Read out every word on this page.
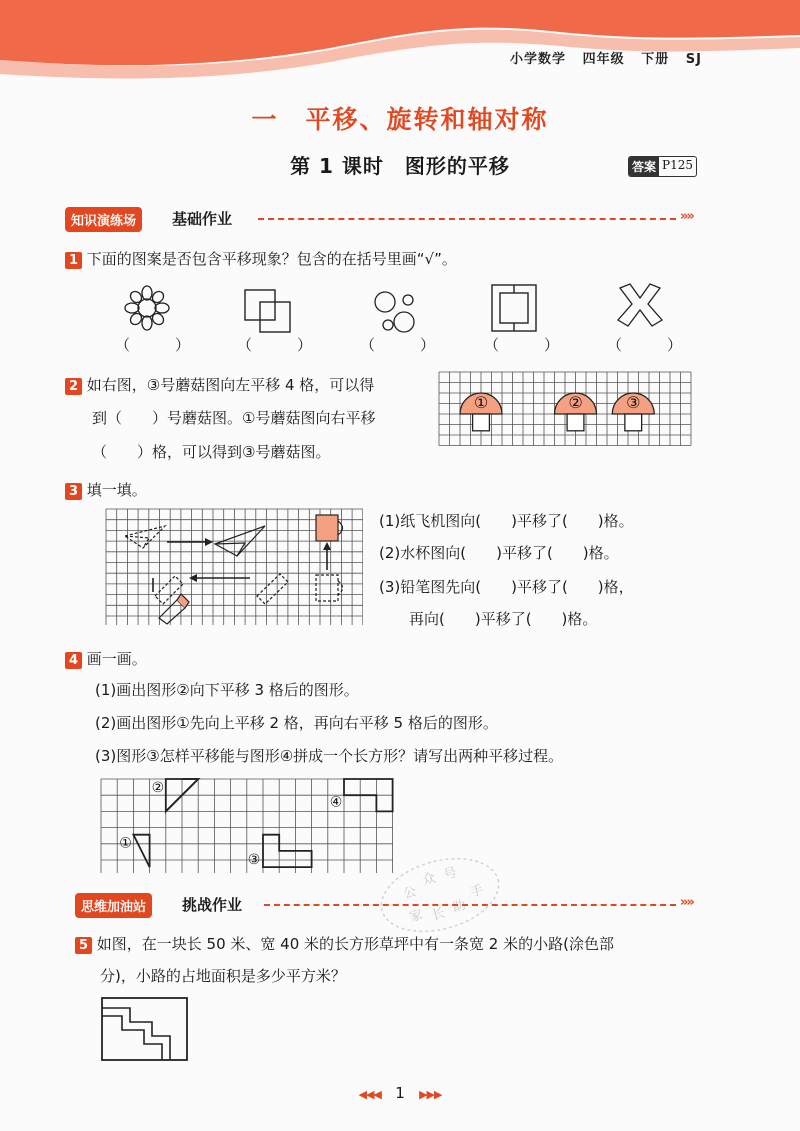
小学数学 四年级 下册 SJ
一　平移、旋转和轴对称
第 1 课时　图形的平移	答案 P125
知识演练场	基础作业	»»
1 下面的图案是否包含平移现象？包含的在括号里画“√”。
（　　　）	（　　　）	（　　　）	（　　　）	（　　　）
2 如右图，③号蘑菇图向左平移 4 格，可以得
到（　　）号蘑菇图。①号蘑菇图向右平移
（　　）格，可以得到③号蘑菇图。
①	②	③
3 填一填。
(1)纸飞机图向(　　)平移了(　　)格。
(2)水杯图向(　　)平移了(　　)格。
(3)铅笔图先向(　　)平移了(　　)格，
再向(　　)平移了(　　)格。
4 画一画。
(1)画出图形②向下平移 3 格后的图形。
(2)画出图形①先向上平移 2 格，再向右平移 5 格后的图形。
(3)图形③怎样平移能与图形④拼成一个长方形？请写出两种平移过程。
②
①
③
④
公
众 号
家 长 助
手
思维加油站	挑战作业	»»
5 如图，在一块长 50 米、宽 40 米的长方形草坪中有一条宽 2 米的小路(涂色部
分)，小路的占地面积是多少平方米？
◀◀◀ 1 ▶▶▶
